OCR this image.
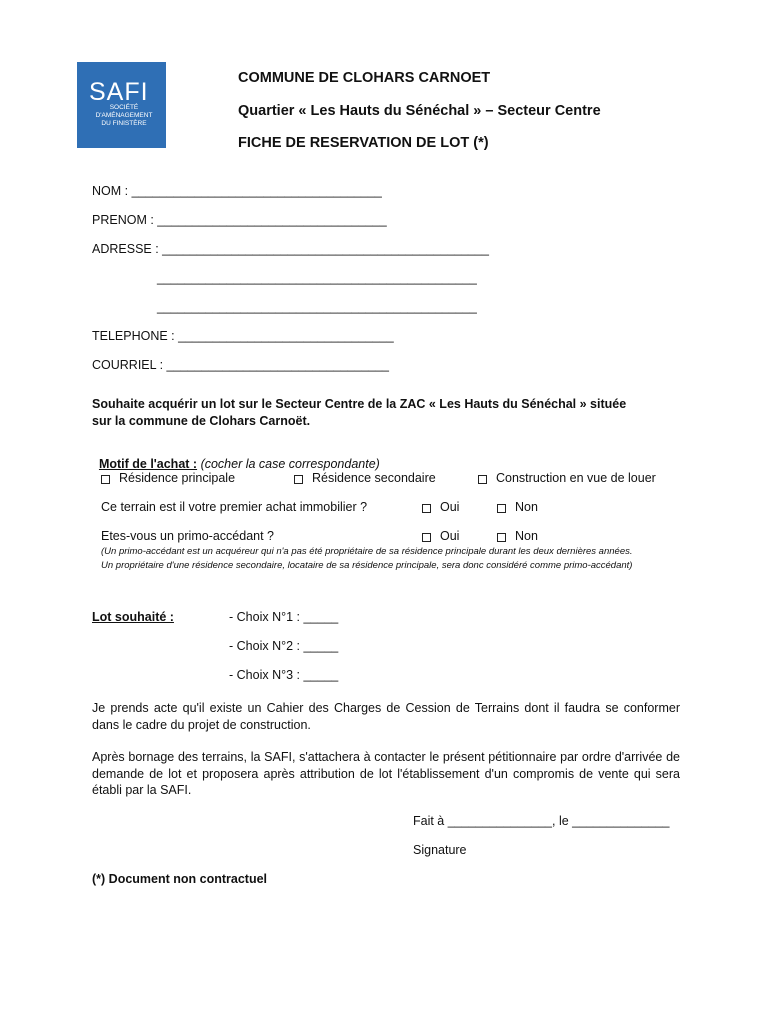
SAFI
SOCIÉTÉ D'AMÉNAGEMENT DU FINISTÈRE
COMMUNE DE CLOHARS CARNOET
Quartier « Les Hauts du Sénéchal » – Secteur Centre
FICHE DE RESERVATION DE LOT (*)
NOM : ____________________________________
PRENOM : _________________________________
ADRESSE : _______________________________________________
______________________________________________
______________________________________________
TELEPHONE : _______________________________
COURRIEL : ________________________________
Souhaite acquérir un lot sur le Secteur Centre de la ZAC « Les Hauts du Sénéchal » située
sur la commune de Clohars Carnoët.

Motif de l'achat : (cocher la case correspondante)

Résidence principale	Résidence secondaire	Construction en vue de louer
Ce terrain est il votre premier achat immobilier ?	Oui	Non
Etes-vous un primo-accédant ?	Oui	Non
(Un primo-accédant est un acquéreur qui n'a pas été propriétaire de sa résidence principale durant les deux dernières années.
Un propriétaire d'une résidence secondaire, locataire de sa résidence principale, sera donc considéré comme primo-accédant)
Lot souhaité :	- Choix N°1 : _____
- Choix N°2 : _____
- Choix N°3 : _____
Je prends acte qu'il existe un Cahier des Charges de Cession de Terrains dont il faudra se conformer dans le cadre du projet de construction.
Après bornage des terrains, la SAFI, s'attachera à contacter le présent pétitionnaire par ordre d'arrivée de demande de lot et proposera après attribution de lot l'établissement d'un compromis de vente qui sera établi par la SAFI.
Fait à _______________, le ______________
Signature
(*) Document non contractuel
